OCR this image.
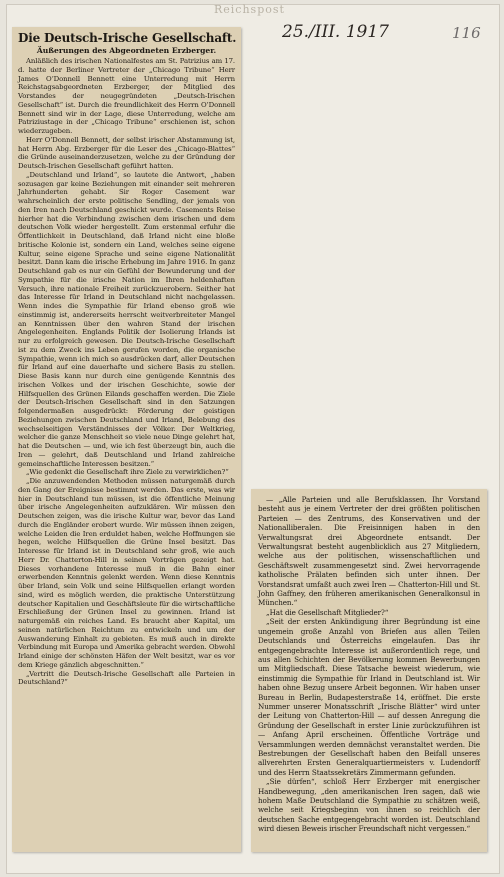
Reichspost
25./III. 1917	116
Die Deutsch-Irische Gesellschaft.
Äußerungen des Abgeordneten Erzberger.

Anläßlich des irischen Nationalfestes am St. Patrizius am 17. d. hatte der Berliner Vertreter der „Chicago Tribune“ Herr James O’Donnell Bennett eine Unterredung mit Herrn Reichstagsabgeordneten Erzberger, der Mitglied des Vorstandes der neugegründeten „Deutsch-Irischen Gesellschaft“ ist. Durch die freundlichkeit des Herrn O’Donnell Bennett sind wir in der Lage, diese Unterredung, welche am Patriziustage in der „Chicago Tribune“ erschienen ist, schon wiederzugeben.

Herr O’Donnell Bennett, der selbst irischer Abstammung ist, hat Herrn Abg. Erzberger für die Leser des „Chicago-Blattes“ die Gründe auseinanderzusetzen, welche zu der Gründung der Deutsch-Irischen Gesellschaft geführt hatten.

„Deutschland und Irland“, so lautete die Antwort, „haben sozusagen gar keine Beziehungen mit einander seit mehreren Jahrhunderten gehabt. Sir Roger Casement war wahrscheinlich der erste politische Sendling, der jemals von den Iren nach Deutschland geschickt wurde. Casements Reise hierher hat die Verbindung zwischen dem irischen und dem deutschen Volk wieder hergestellt. Zum erstenmal erfuhr die Öffentlichkeit in Deutschland, daß Irland nicht eine bloße britische Kolonie ist, sondern ein Land, welches seine eigene Kultur, seine eigene Sprache und seine eigene Nationalität besitzt. Dann kam die irische Erhebung im Jahre 1916. In ganz Deutschland gab es nur ein Gefühl der Bewunderung und der Sympathie für die irische Nation im Ihren heldenhaften Versuch, ihre nationale Freiheit zurückzuerobern. Seither hat das Interesse für Irland in Deutschland nicht nachgelassen. Wenn indes die Sympathie für Irland ebenso groß wie einstimmig ist, andererseits herrscht weitverbreiteter Mangel an Kenntnissen über den wahren Stand der irischen Angelegenheiten. Englands Politik der Isolierung Irlands ist nur zu erfolgreich gewesen. Die Deutsch-Irische Gesellschaft ist zu dem Zweck ins Leben gerufen worden, die organische Sympathie, wenn ich mich so ausdrücken darf, aller Deutschen für Irland auf eine dauerhafte und sichere Basis zu stellen. Diese Basis kann nur durch eine genügende Kenntnis des irischen Volkes und der irischen Geschichte, sowie der Hilfsquellen des Grünen Eilands geschaffen werden. Die Ziele der Deutsch-Irischen Gesellschaft sind in den Satzungen folgendermaßen ausgedrückt: Förderung der geistigen Beziehungen zwischen Deutschland und Irland, Belebung des wechselseitigen Verständnisses der Völker. Der Weltkrieg, welcher die ganze Menschheit so viele neue Dinge gelehrt hat, hat die Deutschen — und, wie ich fest überzeugt bin, auch die Iren — gelehrt, daß Deutschland und Irland zahlreiche gemeinschaftliche Interessen besitzen.“

„Wie gedenkt die Gesellschaft ihre Ziele zu verwirklichen?“

„Die anzuwendenden Methoden müssen naturgemäß durch den Gang der Ereignisse bestimmt werden. Das erste, was wir hier in Deutschland tun müssen, ist die öffentliche Meinung über irische Angelegenheiten aufzuklären. Wir müssen den Deutschen zeigen, was die irische Kultur war, bevor das Land durch die Engländer erobert wurde. Wir müssen ihnen zeigen, welche Leiden die Iren erduldet haben, welche Hoffnungen sie hegen, welche Hilfsquellen die Grüne Insel besitzt. Das Interesse für Irland ist in Deutschland sehr groß, wie auch Herr Dr. Chatterton-Hill in seinen Vorträgen gezeigt hat. Dieses vorhandene Interesse muß in die Bahn einer erwerbenden Kenntnis gelenkt werden. Wenn diese Kenntnis über Irland, sein Volk und seine Hilfsquellen erlangt worden sind, wird es möglich werden, die praktische Unterstützung deutscher Kapitalien und Geschäftsleute für die wirtschaftliche Erschließung der Grünen Insel zu gewinnen. Irland ist naturgemäß ein reiches Land. Es braucht aber Kapital, um seinen natürlichen Reichtum zu entwickeln und um der Auswanderung Einhalt zu gebieten. Es muß auch in direkte Verbindung mit Europa und Amerika gebracht werden. Obwohl Irland einige der schönsten Häfen der Welt besitzt, war es vor dem Kriege gänzlich abgeschnitten.“

„Vertritt die Deutsch-Irische Gesellschaft alle Parteien in Deutschland?“

— „Alle Parteien und alle Berufsklassen. Ihr Vorstand besteht aus je einem Vertreter der drei größten politischen Parteien — des Zentrums, des Konservativen und der Nationalliberalen. Die Freisinnigen haben in den Verwaltungsrat drei Abgeordnete entsandt. Der Verwaltungsrat besteht augenblicklich aus 27 Mitgliedern, welche aus der politischen, wissenschaftlichen und Geschäftswelt zusammengesetzt sind. Zwei hervorragende katholische Prälaten befinden sich unter ihnen. Der Vorstandsrat umfaßt auch zwei Iren — Chatterton-Hill und St. John Gaffney, den früheren amerikanischen Generalkonsul in München.“

„Hat die Gesellschaft Mitglieder?“

„Seit der ersten Ankündigung ihrer Begründung ist eine ungemein große Anzahl von Briefen aus allen Teilen Deutschlands und Österreichs eingelaufen. Das ihr entgegengebrachte Interesse ist außerordentlich rege, und aus allen Schichten der Bevölkerung kommen Bewerbungen um Mitgliedschaft. Diese Tatsache beweist wiederum, wie einstimmig die Sympathie für Irland in Deutschland ist. Wir haben ohne Bezug unsere Arbeit begonnen. Wir haben unser Bureau in Berlin, Budapesterstraße 14, eröffnet. Die erste Nummer unserer Monatsschrift „Irische Blätter“ wird unter der Leitung von Chatterton-Hill — auf dessen Anregung die Gründung der Gesellschaft in erster Linie zurückzuführen ist — Anfang April erscheinen. Öffentliche Vorträge und Versammlungen werden demnächst veranstaltet werden. Die Bestrebungen der Gesellschaft haben den Beifall unseres allverehrten Ersten Generalquartiermeisters v. Ludendorff und des Herrn Staatssekretärs Zimmermann gefunden.

„Sie dürfen“, schloß Herr Erzberger mit energischer Handbewegung, „den amerikanischen Iren sagen, daß wie hohem Maße Deutschland die Sympathie zu schätzen weiß, welche seit Kriegsbeginn von ihnen so reichlich der deutschen Sache entgegengebracht worden ist. Deutschland wird diesen Beweis irischer Freundschaft nicht vergessen.“
